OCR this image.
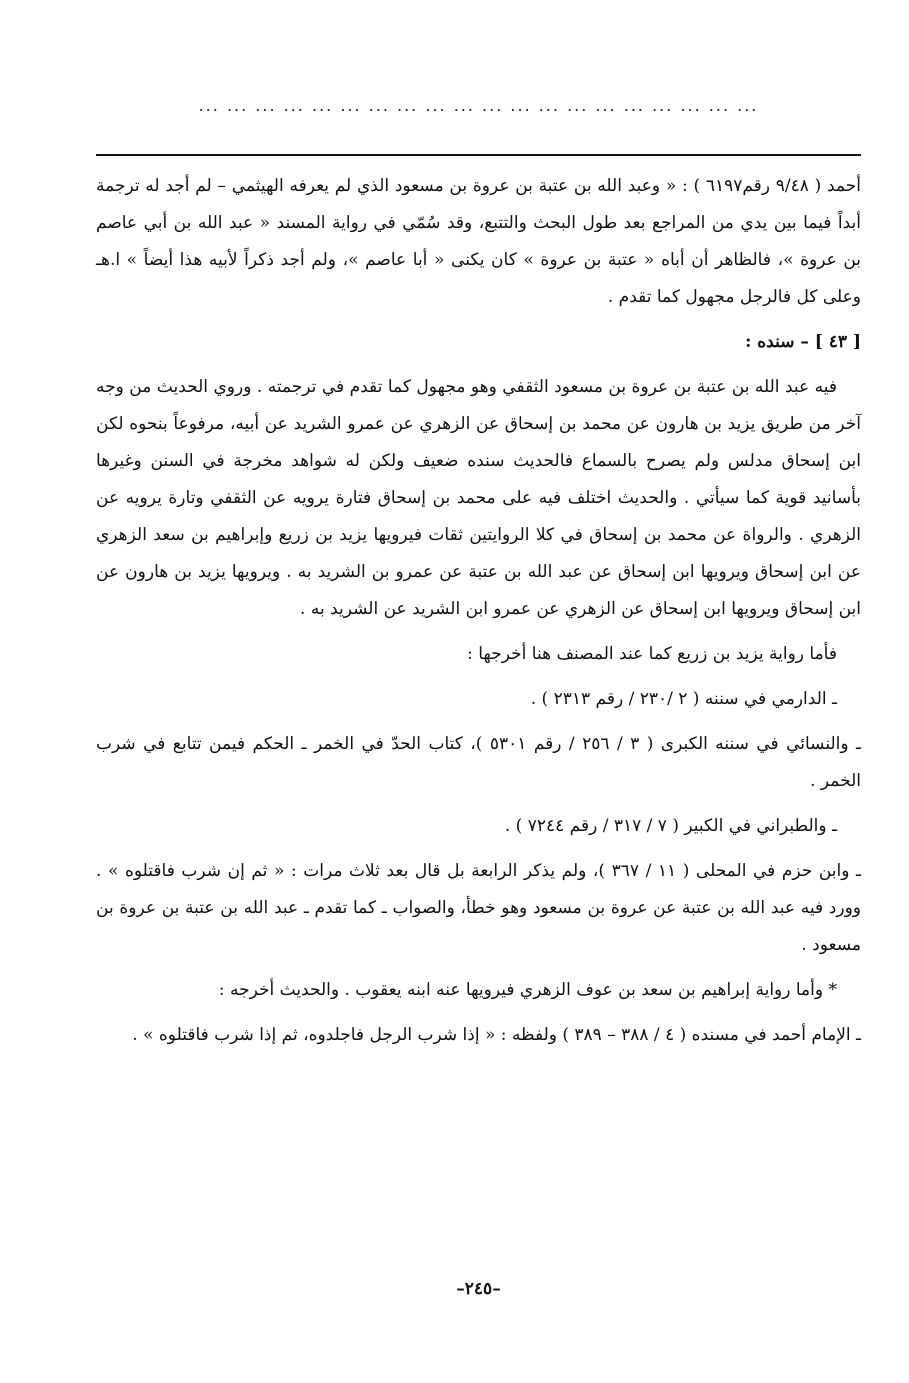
... ... ... ... ... ... ... ... ... ... ... ... ... ... ... ... ... ... ... ...

أحمد ( ٩/٤٨ رقم٦١٩٧ ) : « وعبد الله بن عتبة بن عروة بن مسعود الذي لم يعرفه الهيثمي – لم أجد له ترجمة أبداً فيما بين يدي من المراجع بعد طول البحث والتتبع، وقد سُمّي في رواية المسند « عبد الله بن أبي عاصم بن عروة »، فالظاهر أن أباه « عتبة بن عروة » كان يكنى « أبا عاصم »، ولم أجد ذكراً لأبيه هذا أيضاً » ا.هـ وعلى كل فالرجل مجهول كما تقدم .

[ ٤٣ ] – سنده :

فيه عبد الله بن عتبة بن عروة بن مسعود الثقفي وهو مجهول كما تقدم في ترجمته . وروي الحديث من وجه آخر من طريق يزيد بن هارون عن محمد بن إسحاق عن الزهري عن عمرو الشريد عن أبيه، مرفوعاً بنحوه لكن ابن إسحاق مدلس ولم يصرح بالسماع فالحديث سنده ضعيف ولكن له شواهد مخرجة في السنن وغيرها بأسانيد قوية كما سيأتي . والحديث اختلف فيه على محمد بن إسحاق فتارة يرويه عن الثقفي وتارة يرويه عن الزهري . والرواة عن محمد بن إسحاق في كلا الروايتين ثقات فيرويها يزيد بن زريع وإبراهيم بن سعد الزهري عن ابن إسحاق ويرويها ابن إسحاق عن عبد الله بن عتبة عن عمرو بن الشريد به . ويرويها يزيد بن هارون عن ابن إسحاق ويرويها ابن إسحاق عن الزهري عن عمرو ابن الشريد عن الشريد به .

فأما رواية يزيد بن زريع كما عند المصنف هنا أخرجها :

ـ الدارمي في سننه ( ٢ /٢٣٠ / رقم ٢٣١٣ ) .

ـ والنسائي في سننه الكبرى ( ٣ / ٢٥٦ / رقم ٥٣٠١ )، كتاب الحدّ في الخمر ـ الحكم فيمن تتابع في شرب الخمر .

ـ والطبراني في الكبير ( ٧ / ٣١٧ / رقم ٧٢٤٤ ) .

ـ وابن حزم في المحلى ( ١١ / ٣٦٧ )، ولم يذكر الرابعة بل قال بعد ثلاث مرات : « ثم إن شرب فاقتلوه » . وورد فيه عبد الله بن عتبة عن عروة بن مسعود وهو خطأ، والصواب ـ كما تقدم ـ عبد الله بن عتبة بن عروة بن مسعود .

* وأما رواية إبراهيم بن سعد بن عوف الزهري فيرويها عنه ابنه يعقوب . والحديث أخرجه :

ـ الإمام أحمد في مسنده ( ٤ / ٣٨٨ – ٣٨٩ ) ولفظه : « إذا شرب الرجل فاجلدوه، ثم إذا شرب فاقتلوه » .

–٢٤٥–
